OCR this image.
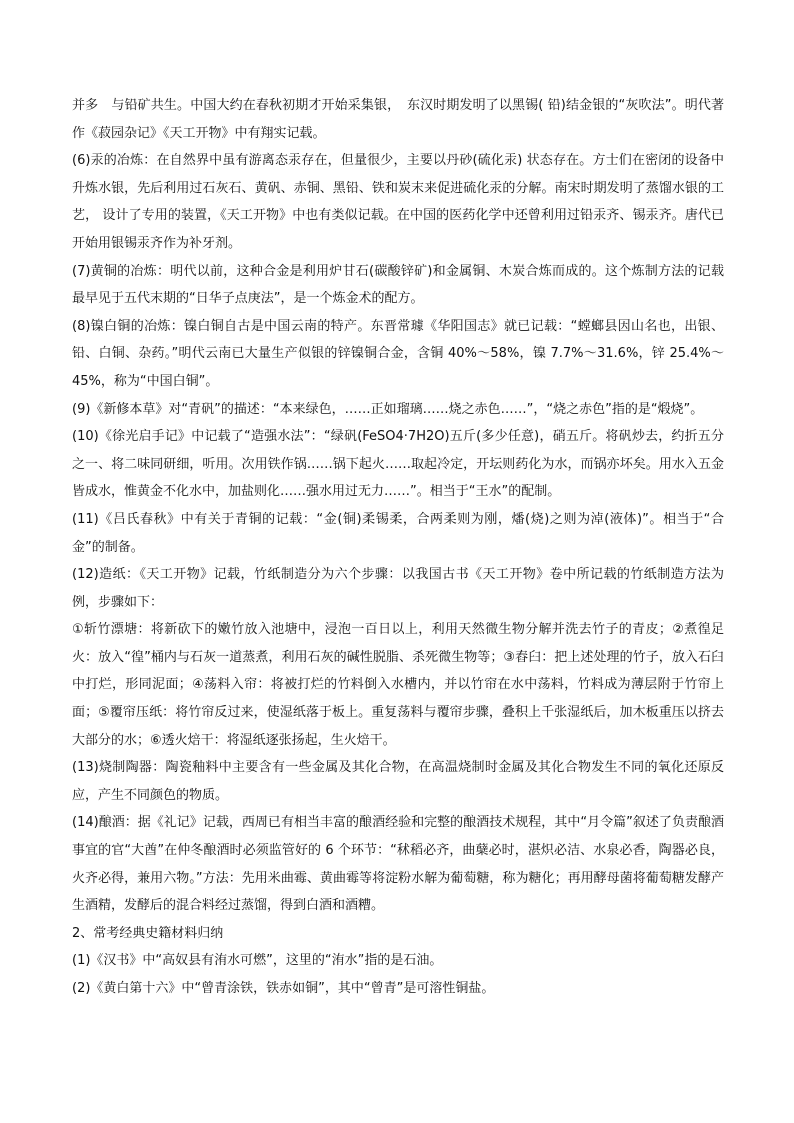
并多　与铅矿共生。中国大约在春秋初期才开始采集银，　东汉时期发明了以黑锡( 铅)结金银的“灰吹法”。明代著作《菽园杂记》《天工开物》中有翔实记载。

(6)汞的冶炼：在自然界中虽有游离态汞存在，但量很少，主要以丹砂(硫化汞) 状态存在。方士们在密闭的设备中升炼水银，先后利用过石灰石、黄矾、赤铜、黑铅、铁和炭末来促进硫化汞的分解。南宋时期发明了蒸馏水银的工艺， 设计了专用的装置，《天工开物》中也有类似记载。在中国的医药化学中还曾利用过铅汞齐、锡汞齐。唐代已开始用银锡汞齐作为补牙剂。

(7)黄铜的冶炼：明代以前，这种合金是利用炉甘石(碳酸锌矿)和金属铜、木炭合炼而成的。这个炼制方法的记载最早见于五代末期的“日华子点庚法”，是一个炼金术的配方。

(8)镍白铜的冶炼：镍白铜自古是中国云南的特产。东晋常璩《华阳国志》就已记载：“螳螂县因山名也，出银、铅、白铜、杂药。”明代云南已大量生产似银的锌镍铜合金，含铜 40%～58%，镍 7.7%～31.6%，锌 25.4%～45%，称为“中国白铜”。

(9)《新修本草》对“青矾”的描述：“本来绿色，……正如瑠璃……烧之赤色……”，“烧之赤色”指的是“煅烧”。

(10)《徐光启手记》中记载了“造强水法”：“绿矾(FeSO4·7H2O)五斤(多少任意)，硝五斤。将矾炒去，约折五分之一、将二味同研细，听用。次用铁作锅……锅下起火……取起冷定，开坛则药化为水，而锅亦坏矣。用水入五金皆成水，惟黄金不化水中，加盐则化……强水用过无力……”。相当于“王水”的配制。

(11)《吕氏春秋》中有关于青铜的记载：“金(铜)柔锡柔，合两柔则为刚，燔(烧)之则为淖(液体)”。相当于“合金”的制备。

(12)造纸：《天工开物》记载，竹纸制造分为六个步骤：以我国古书《天工开物》卷中所记载的竹纸制造方法为例，步骤如下：

①斩竹漂塘：将新砍下的嫩竹放入池塘中，浸泡一百日以上，利用天然微生物分解并洗去竹子的青皮；②煮徨足火：放入“徨”桶内与石灰一道蒸煮，利用石灰的碱性脱脂、杀死微生物等；③舂臼：把上述处理的竹子，放入石臼中打烂，形同泥面；④荡料入帘：将被打烂的竹料倒入水槽内，并以竹帘在水中荡料，竹料成为薄层附于竹帘上面；⑤覆帘压纸：将竹帘反过来，使湿纸落于板上。重复荡料与覆帘步骤，叠积上千张湿纸后，加木板重压以挤去大部分的水；⑥透火焙干：将湿纸逐张扬起，生火焙干。

(13)烧制陶器：陶瓷釉料中主要含有一些金属及其化合物，在高温烧制时金属及其化合物发生不同的氧化还原反应，产生不同颜色的物质。

(14)酿酒：据《礼记》记载，西周已有相当丰富的酿酒经验和完整的酿酒技术规程，其中“月令篇”叙述了负责酿酒事宜的官“大酋”在仲冬酿酒时必须监管好的 6 个环节：“秫稻必齐，曲蘖必时，湛炽必洁、水泉必香，陶器必良，火齐必得，兼用六物。”方法：先用米曲霉、黄曲霉等将淀粉水解为葡萄糖，称为糖化；再用酵母菌将葡萄糖发酵产生酒精，发酵后的混合料经过蒸馏，得到白酒和酒糟。

2、常考经典史籍材料归纳

(1)《汉书》中“高奴县有洧水可燃”，这里的“洧水”指的是石油。

(2)《黄白第十六》中“曾青涂铁，铁赤如铜”，其中“曾青”是可溶性铜盐。
